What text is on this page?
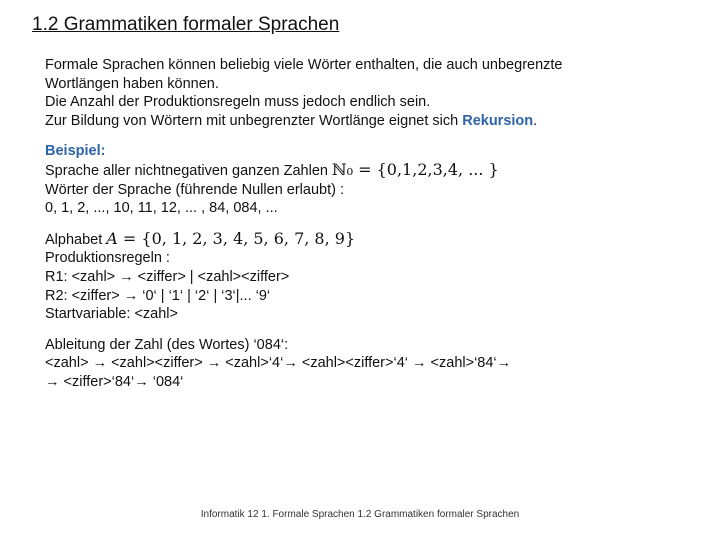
1.2 Grammatiken formaler Sprachen
Formale Sprachen können beliebig viele Wörter enthalten, die auch unbegrenzte
Wortlängen haben können.
Die Anzahl der Produktionsregeln muss jedoch endlich sein.
Zur Bildung von Wörtern mit unbegrenzter Wortlänge eignet sich Rekursion.
Beispiel:
Sprache aller nichtnegativen ganzen Zahlen ℕ₀ = {0,1,2,3,4, ... }
Wörter der Sprache (führende Nullen erlaubt) :
0, 1, 2, ..., 10, 11, 12, ... , 84, 084, ...
Alphabet A = {0, 1, 2, 3, 4, 5, 6, 7, 8, 9}
Produktionsregeln :
R1: <zahl> → <ziffer> | <zahl><ziffer>
R2: <ziffer> → ‘0‘ | ‘1‘ | ‘2‘ | ‘3‘|... ‘9‘
Startvariable: <zahl>
Ableitung der Zahl (des Wortes) ‘084‘:
<zahl> → <zahl><ziffer> → <zahl>‘4‘→ <zahl><ziffer>‘4‘ → <zahl>‘84‘→
→ <ziffer>‘84‘→ ‘084‘
Informatik 12 1. Formale Sprachen 1.2 Grammatiken formaler Sprachen
